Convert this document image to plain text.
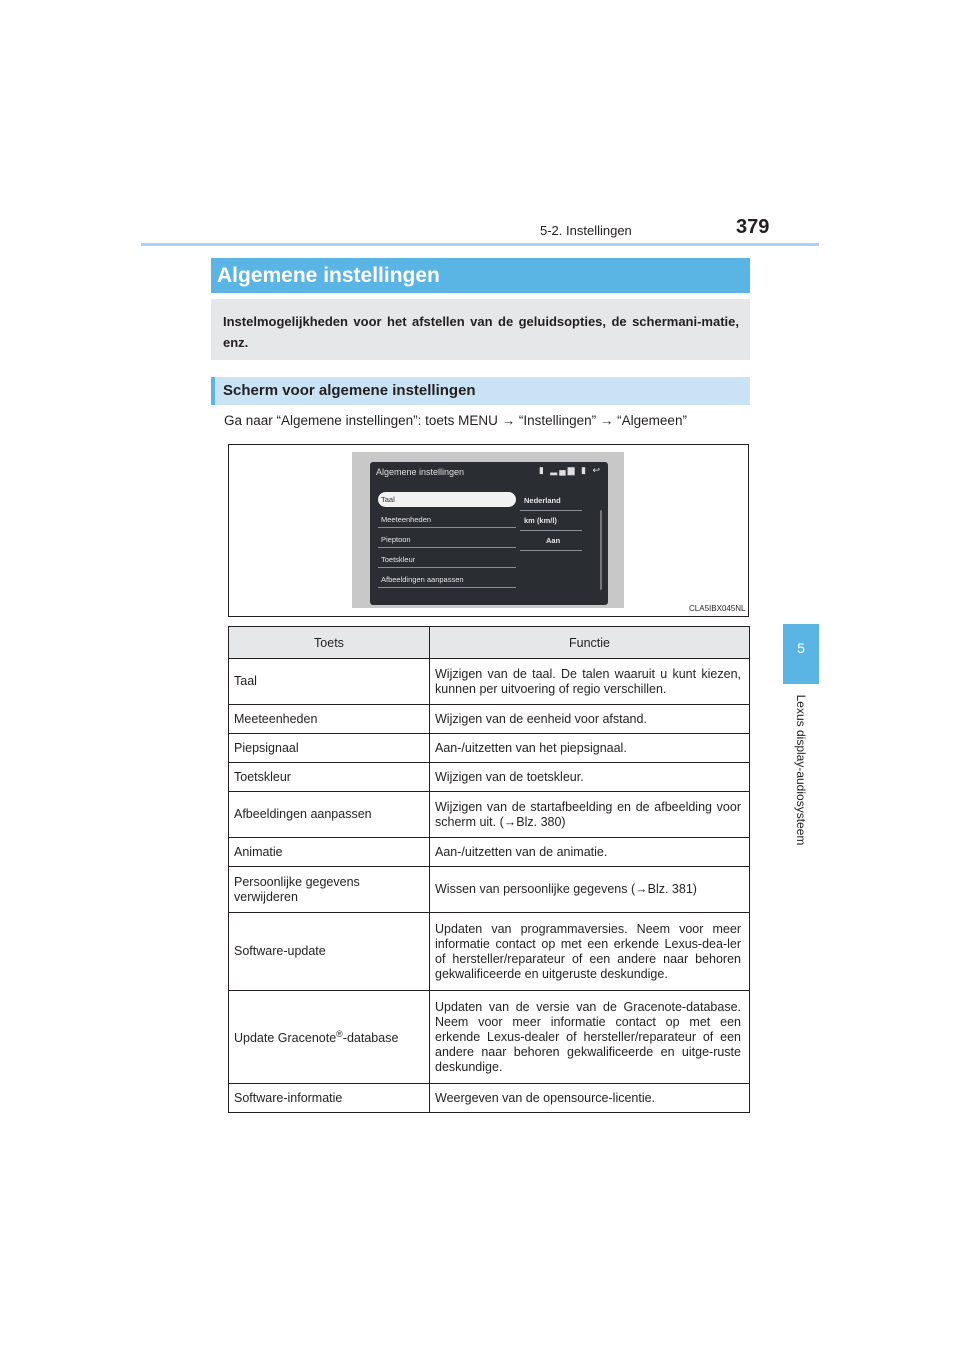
5-2. Instellingen	379
5
Lexus display-audiosysteem
Algemene instellingen

Instelmogelijkheden voor het afstellen van de geluidsopties, de schermani-matie, enz.

Scherm voor algemene instellingen
Ga naar “Algemene instellingen”: toets MENU → “Instellingen” → “Algemeen”
Algemene instellingen	▮ ▂▄▆ ▮ ↩
Taal
Meeteenheden
Pieptoon
Toetskleur
Afbeeldingen aanpassen
Nederland
km (km/l)
Aan
CLA5IBX045NL
Toets	Functie
Taal	Wijzigen van de taal. De talen waaruit u kunt kiezen, kunnen per uitvoering of regio verschillen.
Meeteenheden	Wijzigen van de eenheid voor afstand.
Piepsignaal	Aan-/uitzetten van het piepsignaal.
Toetskleur	Wijzigen van de toetskleur.
Afbeeldingen aanpassen	Wijzigen van de startafbeelding en de afbeelding voor scherm uit. (→Blz. 380)
Animatie	Aan-/uitzetten van de animatie.
Persoonlijke gegevens verwijderen	Wissen van persoonlijke gegevens (→Blz. 381)
Software-update	Updaten van programmaversies. Neem voor meer informatie contact op met een erkende Lexus-dea-ler of hersteller/reparateur of een andere naar behoren gekwalificeerde en uitgeruste deskundige.
Update Gracenote®-database	Updaten van de versie van de Gracenote-database. Neem voor meer informatie contact op met een erkende Lexus-dealer of hersteller/reparateur of een andere naar behoren gekwalificeerde en uitge-ruste deskundige.
Software-informatie	Weergeven van de opensource-licentie.
